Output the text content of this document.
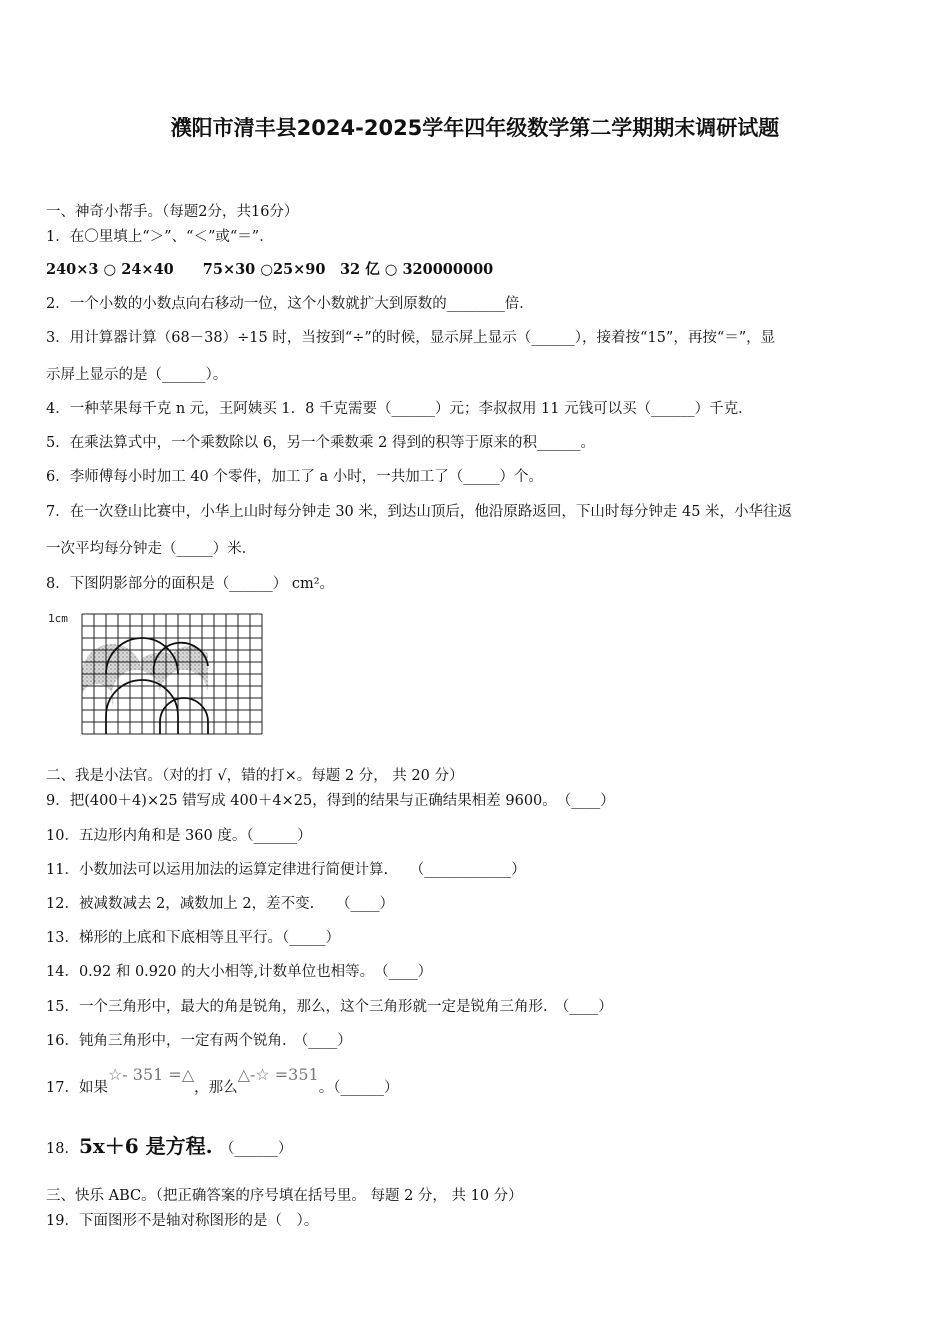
濮阳市清丰县2024-2025学年四年级数学第二学期期末调研试题
一、神奇小帮手。（每题2分，共16分）
1．在〇里填上“＞”、“＜”或“＝”．
240×3 ○ 24×40　　75×30 ○25×90　32 亿 ○ 320000000
2．一个小数的小数点向右移动一位，这个小数就扩大到原数的________倍．
3．用计算器计算（68－38）÷15 时，当按到“÷”的时候，显示屏上显示（______），接着按“15”，再按“＝”，显
示屏上显示的是（______）。
4．一种苹果每千克 n 元，王阿姨买 1．8 千克需要（______）元；李叔叔用 11 元钱可以买（______）千克．
5．在乘法算式中，一个乘数除以 6，另一个乘数乘 2 得到的积等于原来的积______。
6．李师傅每小时加工 40 个零件，加工了 a 小时，一共加工了（_____）个。
7．在一次登山比赛中，小华上山时每分钟走 30 米，到达山顶后，他沿原路返回，下山时每分钟走 45 米，小华往返
一次平均每分钟走（_____）米．
8．下图阴影部分的面积是（______） cm²。
1cm
二、我是小法官。（对的打 √，错的打×。每题 2 分， 共 20 分）
9．把(400＋4)×25 错写成 400＋4×25，得到的结果与正确结果相差 9600。　（____）
10．五边形内角和是 360 度。（______）
11．小数加法可以运用加法的运算定律进行简便计算.　　（____________）
12．被减数减去 2，减数加上 2，差不变.　　（____）
13．梯形的上底和下底相等且平行。（_____）
14．0.92 和 0.920 的大小相等,计数单位也相等。　（____）
15．一个三角形中，最大的角是锐角，那么，这个三角形就一定是锐角三角形.　（____）
16．钝角三角形中，一定有两个锐角.　（____）
17．如果☆- 351 =△，那么△-☆ =351。（______）
18．5x＋6 是方程.　（______）
三、快乐 ABC。（把正确答案的序号填在括号里。 每题 2 分， 共 10 分）
19．下面图形不是轴对称图形的是（　）。
